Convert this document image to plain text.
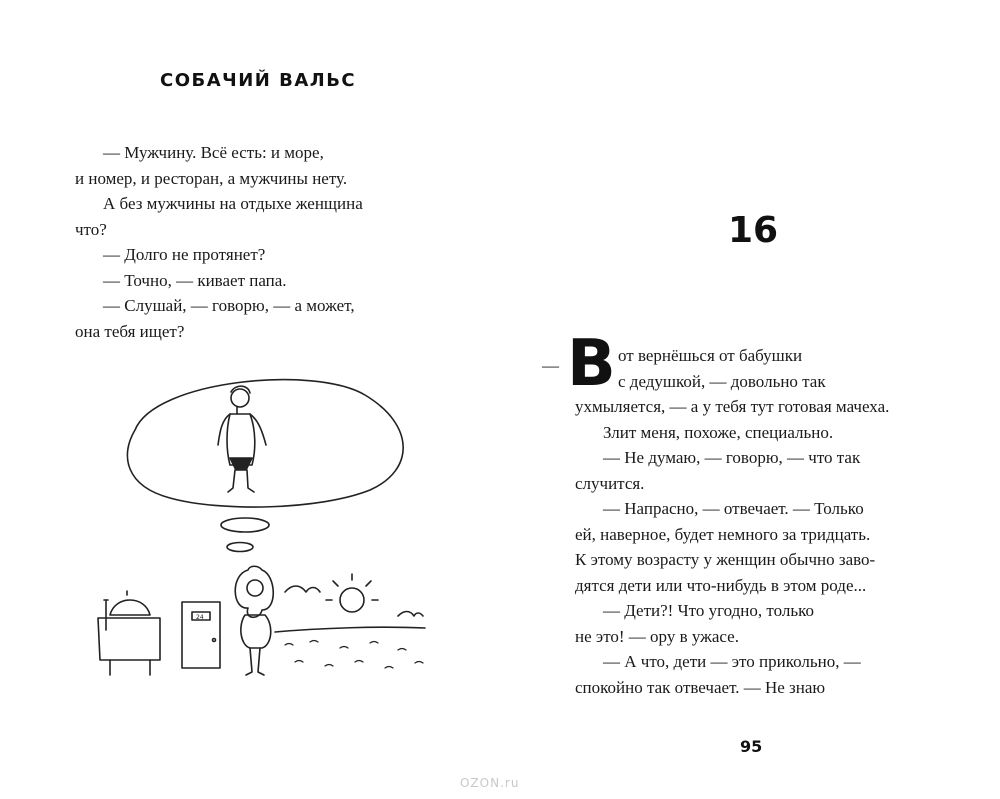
СОБАЧИЙ ВАЛЬС

— Мужчину. Всё есть: и море,

и номер, и ресторан, а мужчины нету.

А без мужчины на отдыхе женщина

что?

— Долго не протянет?

— Точно, — кивает папа.

— Слушай, — говорю, — а может,

она тебя ищет?

24
16
— В от вернёшься от бабушки

с дедушкой, — довольно так

ухмыляется, — а у тебя тут готовая мачеха.

Злит меня, похоже, специально.

— Не думаю, — говорю, — что так

случится.

— Напрасно, — отвечает. — Только

ей, наверное, будет немного за тридцать.

К этому возрасту у женщин обычно заво-

дятся дети или что-нибудь в этом роде...

— Дети?! Что угодно, только

не это! — ору в ужасе.

— А что, дети — это прикольно, —

спокойно так отвечает. — Не знаю

95
OZON.ru
